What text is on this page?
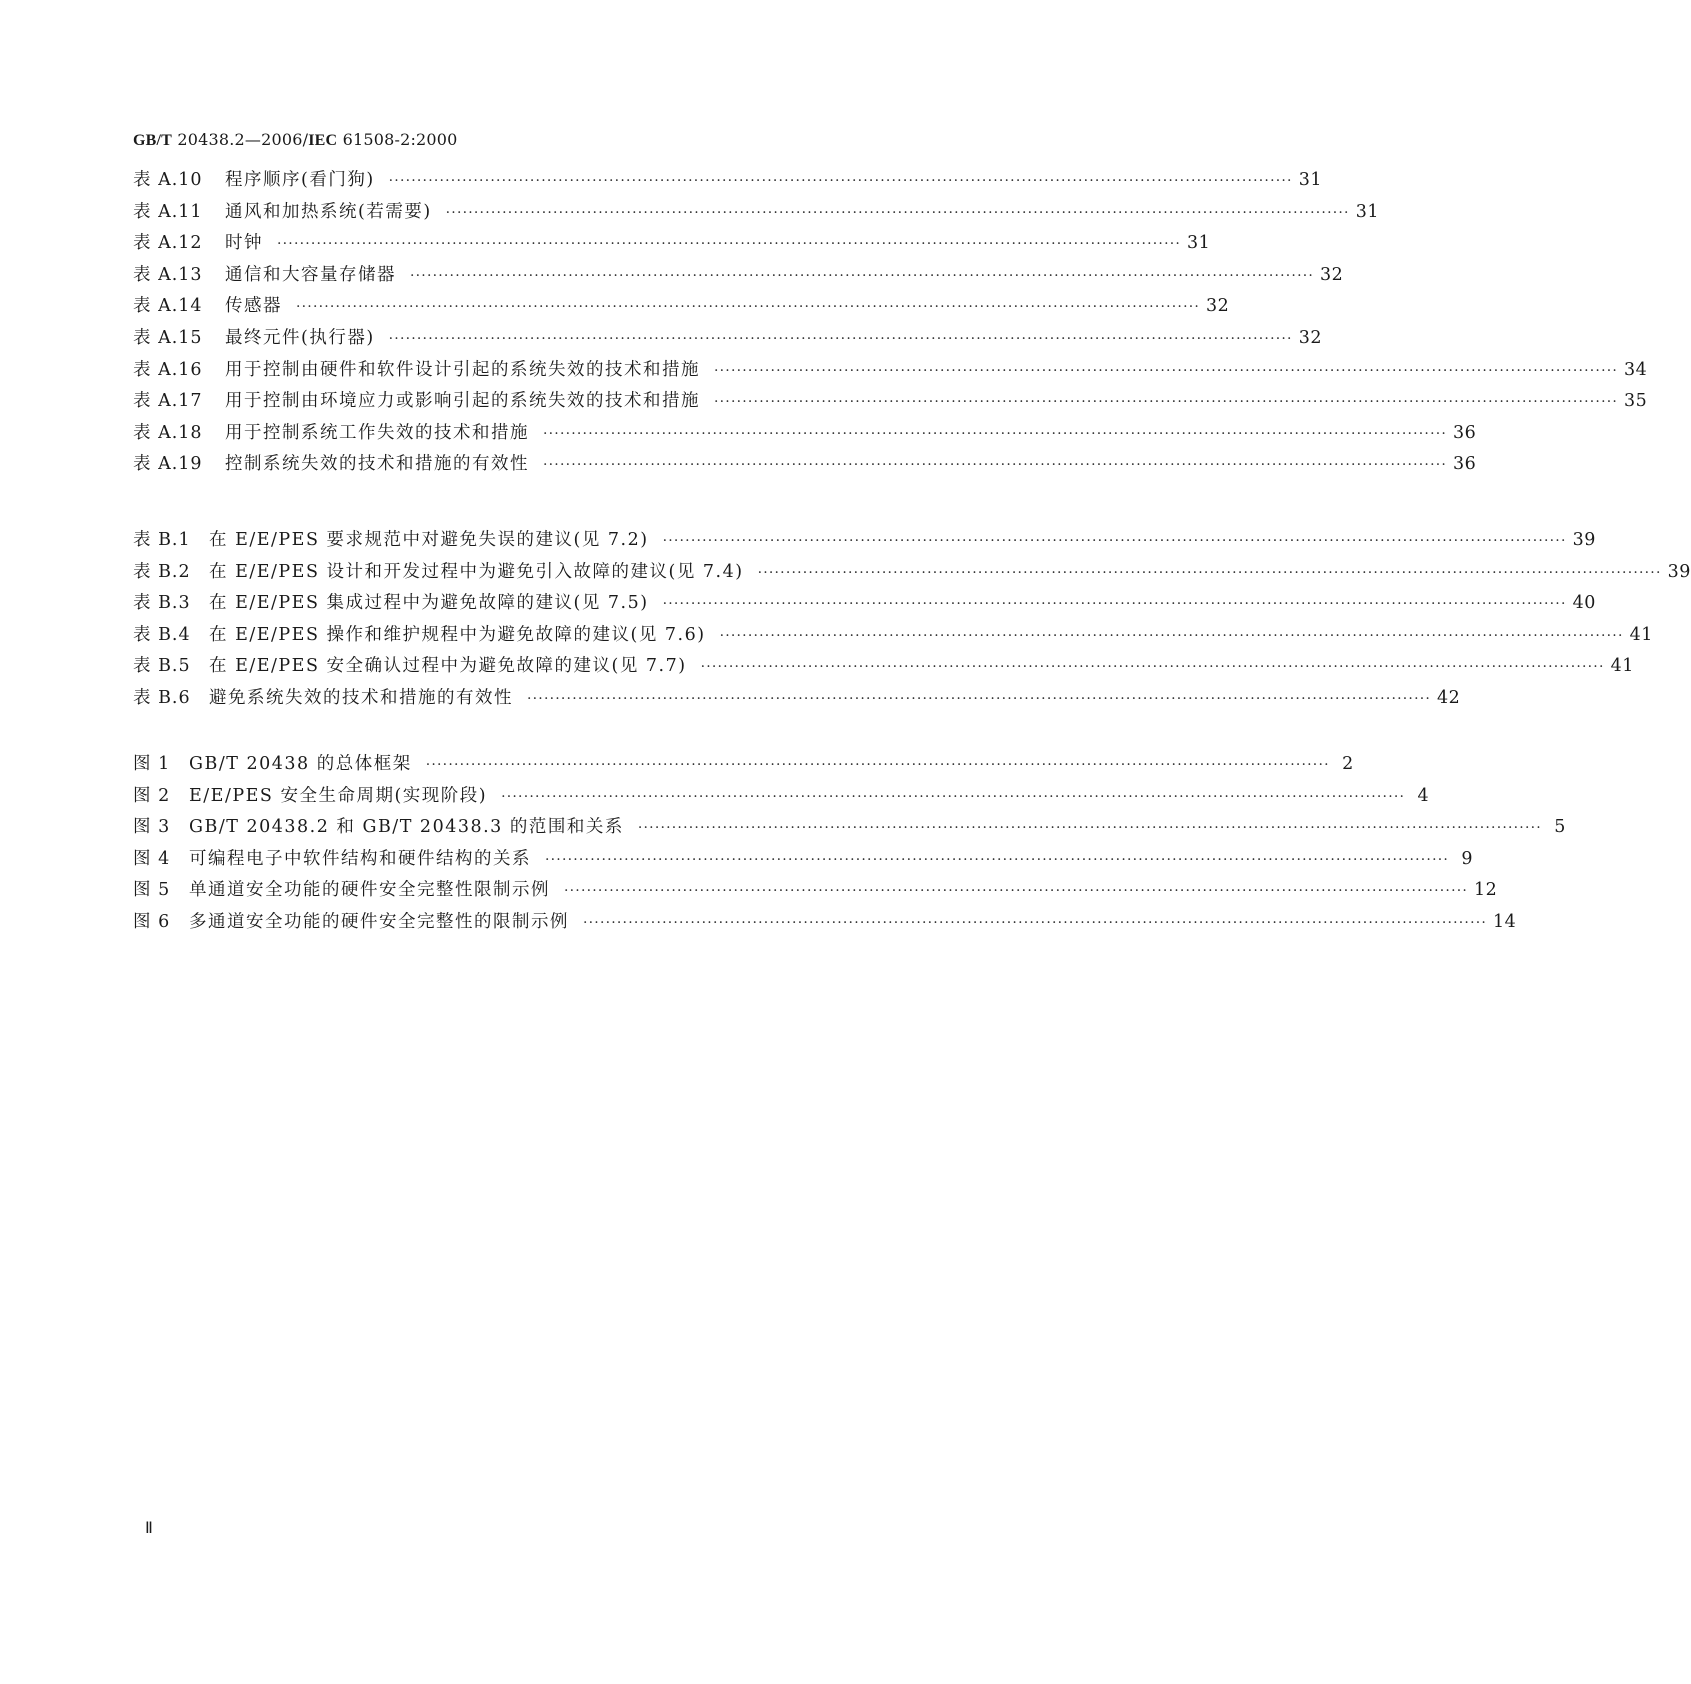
GB/T 20438.2—2006/IEC 61508-2:2000
表 A.10	程序顺序(看门狗) ································································································································································ 31
表 A.11	通风和加热系统(若需要) ································································································································································ 31
表 A.12	时钟 ································································································································································ 31
表 A.13	通信和大容量存储器 ································································································································································ 32
表 A.14	传感器 ································································································································································ 32
表 A.15	最终元件(执行器) ································································································································································ 32
表 A.16	用于控制由硬件和软件设计引起的系统失效的技术和措施 ································································································································································ 34
表 A.17	用于控制由环境应力或影响引起的系统失效的技术和措施 ································································································································································ 35
表 A.18	用于控制系统工作失效的技术和措施 ································································································································································ 36
表 A.19	控制系统失效的技术和措施的有效性 ································································································································································ 36
表 B.1	在 E/E/PES 要求规范中对避免失误的建议(见 7.2) ································································································································································ 39
表 B.2	在 E/E/PES 设计和开发过程中为避免引入故障的建议(见 7.4) ································································································································································ 39
表 B.3	在 E/E/PES 集成过程中为避免故障的建议(见 7.5) ································································································································································ 40
表 B.4	在 E/E/PES 操作和维护规程中为避免故障的建议(见 7.6) ································································································································································ 41
表 B.5	在 E/E/PES 安全确认过程中为避免故障的建议(见 7.7) ································································································································································ 41
表 B.6	避免系统失效的技术和措施的有效性 ································································································································································ 42
图 1	GB/T 20438 的总体框架 ································································································································································ 2
图 2	E/E/PES 安全生命周期(实现阶段) ································································································································································ 4
图 3	GB/T 20438.2 和 GB/T 20438.3 的范围和关系 ································································································································································ 5
图 4	可编程电子中软件结构和硬件结构的关系 ································································································································································ 9
图 5	单通道安全功能的硬件安全完整性限制示例 ································································································································································ 12
图 6	多通道安全功能的硬件安全完整性的限制示例 ································································································································································ 14
Ⅱ
